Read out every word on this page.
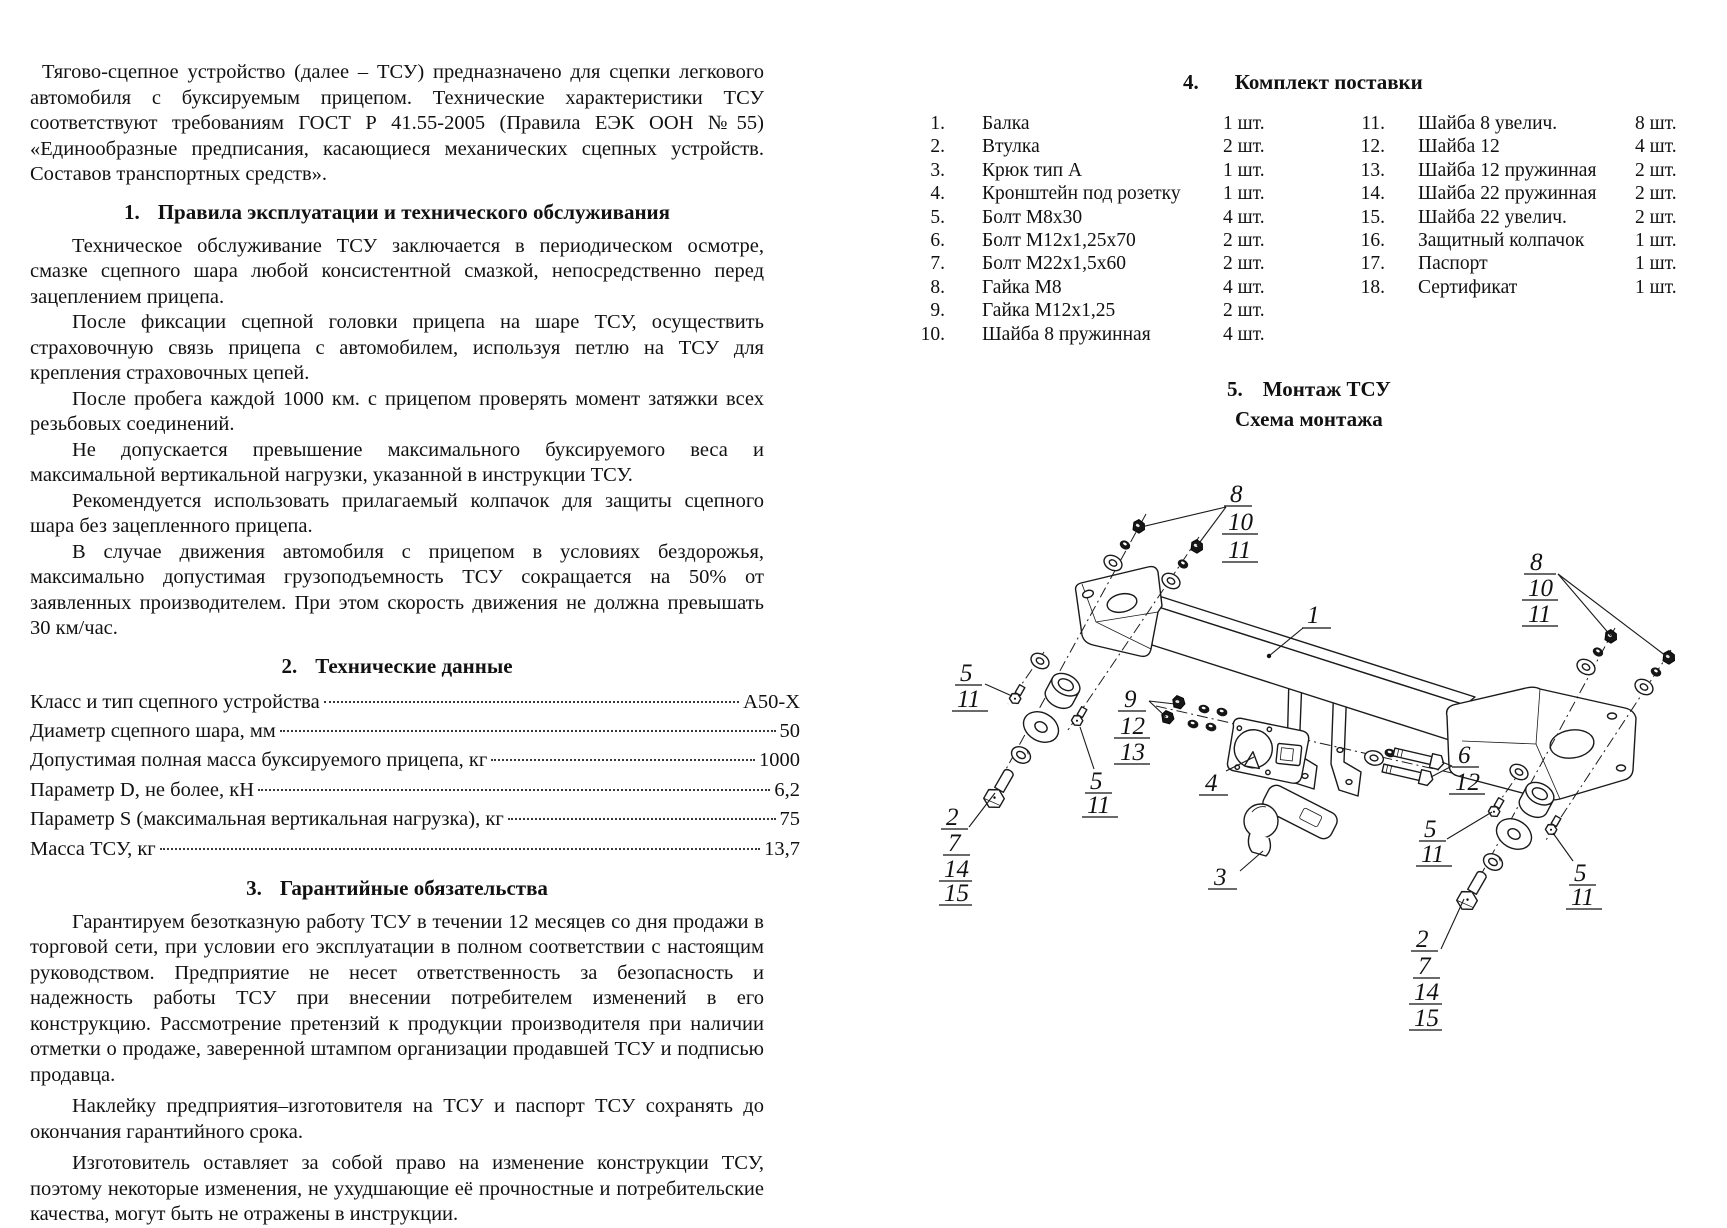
Тягово-сцепное устройство (далее – ТСУ) предназначено для сцепки легкового автомобиля с буксируемым прицепом. Технические характеристики ТСУ соответствуют требованиям ГОСТ Р 41.55-2005 (Правила ЕЭК ООН №55) «Единообразные предписания, касающиеся механических сцепных устройств. Составов транспортных средств».

1. Правила эксплуатации и технического обслуживания

Техническое обслуживание ТСУ заключается в периодическом осмотре, смазке сцепного шара любой консистентной смазкой, непосредственно перед зацеплением прицепа.

После фиксации сцепной головки прицепа на шаре ТСУ, осуществить страховочную связь прицепа с автомобилем, используя петлю на ТСУ для крепления страховочных цепей.

После пробега каждой 1000 км. с прицепом проверять момент затяжки всех резьбовых соединений.

Не допускается превышение максимального буксируемого веса и максимальной вертикальной нагрузки, указанной в инструкции ТСУ.

Рекомендуется использовать прилагаемый колпачок для защиты сцепного шара без зацепленного прицепа.

В случае движения автомобиля с прицепом в условиях бездорожья, максимально допустимая грузоподъемность ТСУ сокращается на 50% от заявленных производителем. При этом скорость движения не должна превышать 30 км/час.

2. Технические данные
Класс и тип сцепного устройства	А50-X
Диаметр сцепного шара, мм	50
Допустимая полная масса буксируемого прицепа, кг	1000
Параметр D, не более, кН	6,2
Параметр S (максимальная вертикальная нагрузка), кг	75
Масса ТСУ, кг	13,7
3. Гарантийные обязательства

Гарантируем безотказную работу ТСУ в течении 12 месяцев со дня продажи в торговой сети, при условии его эксплуатации в полном соответствии с настоящим руководством. Предприятие не несет ответственность за безопасность и надежность работы ТСУ при внесении потребителем изменений в его конструкцию. Рассмотрение претензий к продукции производителя при наличии отметки о продаже, заверенной штампом организации продавшей ТСУ и подписью продавца.

Наклейку предприятия–изготовителя на ТСУ и паспорт ТСУ сохранять до окончания гарантийного срока.

Изготовитель оставляет за собой право на изменение конструкции ТСУ, поэтому некоторые изменения, не ухудшающие её прочностные и потребительские качества, могут быть не отражены в инструкции.

4. Комплект поставки
1. Балка	1 шт.
2. Втулка	2 шт.
3. Крюк тип А	1 шт.
4. Кронштейн под розетку 1 шт.
5. Болт М8х30	4 шт.
6. Болт М12х1,25х70	2 шт.
7. Болт М22х1,5х60	2 шт.
8. Гайка М8	4 шт.
9. Гайка М12х1,25	2 шт.
10. Шайба 8 пружинная	4 шт.
11. Шайба 8 увелич.	8 шт.
12. Шайба 12	4 шт.
13. Шайба 12 пружинная 2 шт.
14. Шайба 22 пружинная 2 шт.
15. Шайба 22 увелич.	2 шт.
16. Защитный колпачок	1 шт.
17. Паспорт	1 шт.
18. Сертификат	1 шт.
5. Монтаж ТСУ
Схема монтажа
8
10
11
1
8
10
11
5
11	9
12
13
5
11
4
3
6
12
5
11
5
11
2
7
14
15
2
7
14
15
